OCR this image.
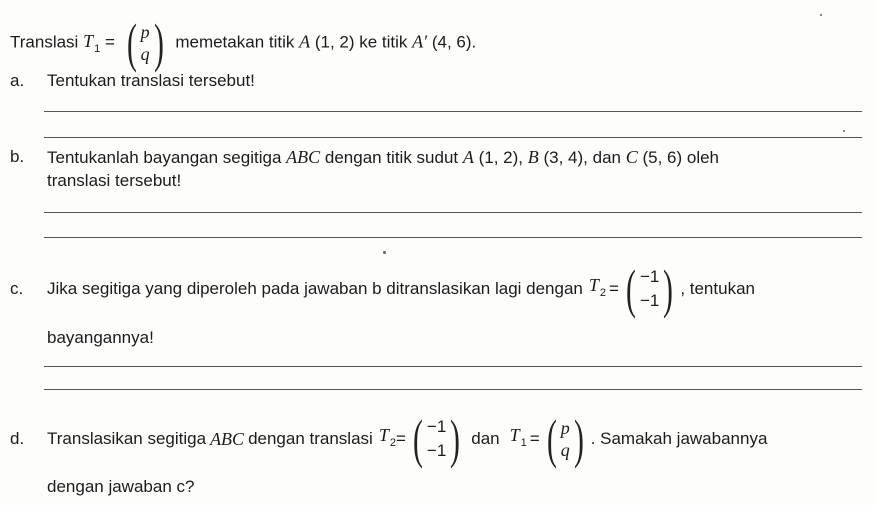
Translasi $T_1$ = ( p
q ) memetakan titik A (1, 2) ke titik A′ (4, 6).
a. Tentukan translasi tersebut!
b. Tentukanlah bayangan segitiga ABC dengan titik sudut A (1, 2), B (3, 4), dan C (5, 6) oleh
translasi tersebut!
c. Jika segitiga yang diperoleh pada jawaban b ditranslasikan lagi dengan $T_2$ = ( −1
−1 ) , tentukan
bayangannya!
d. Translasikan segitiga ABC dengan translasi $T_2$ = ( −1
−1 ) dan $T_1$ = ( p
q ) . Samakah jawabannya
dengan jawaban c?
